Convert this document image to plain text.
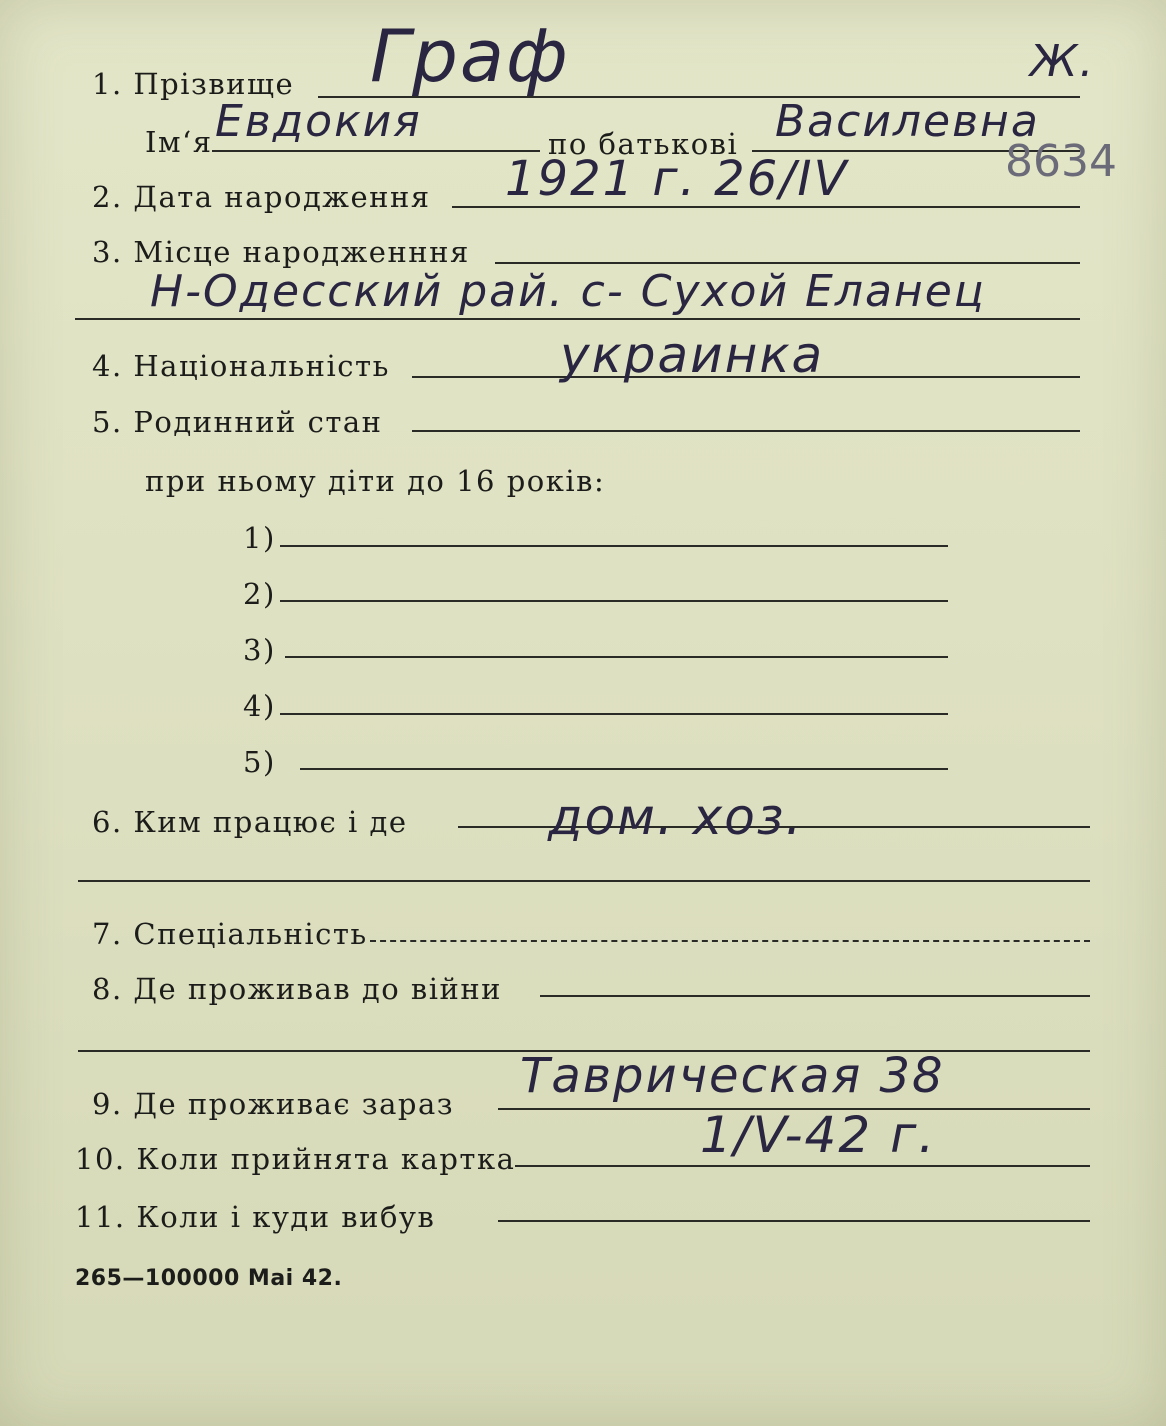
1. Прізвище Граф	Ж.
Ім‘я Евдокия	по батькові Василевна
8634
2. Дата народження 1921 г. 26/IV
3. Місце народженння
Н-Одесский рай. с- Сухой Еланец
4. Національність	украинка
5. Родинний стан
при ньому діти до 16 років:
1)
2)
3)
4)
5)
6. Ким працює і де	дом. хоз.
7. Спеціальність
8. Де проживав до війни
9. Де проживає зараз Таврическая 38
10. Коли прийнята картка	1/V-42 г.
11. Коли і куди вибув
265—100000 Mai 42.
